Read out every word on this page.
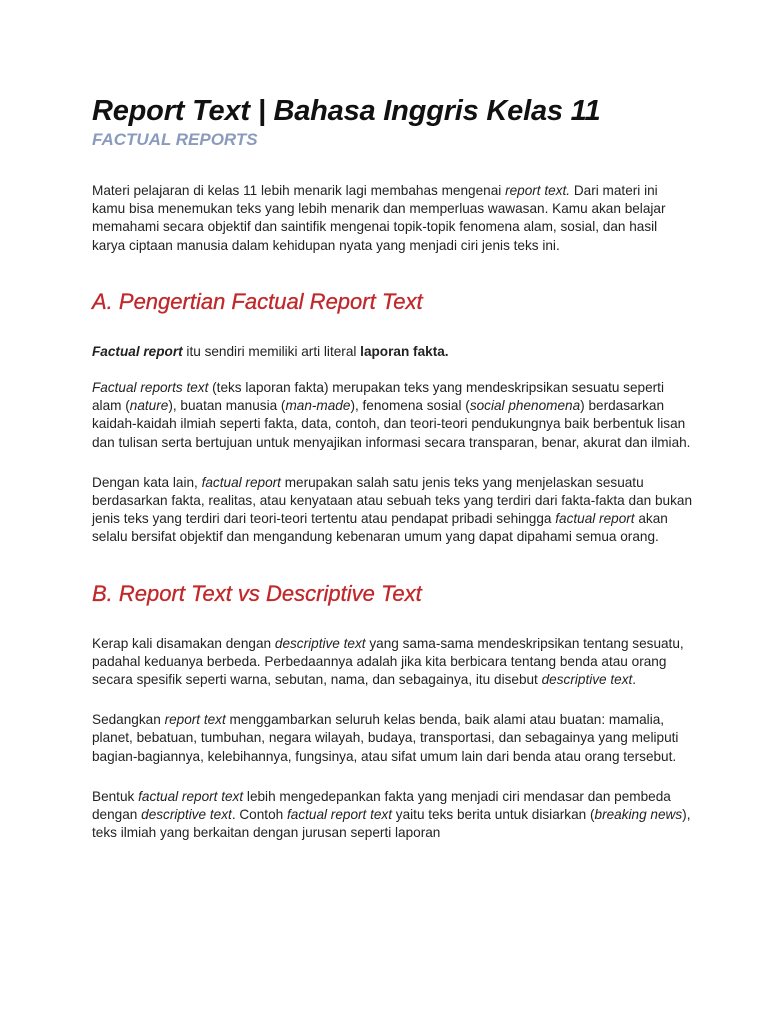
Report Text | Bahasa Inggris Kelas 11
FACTUAL REPORTS

Materi pelajaran di kelas 11 lebih menarik lagi membahas mengenai report text. Dari materi ini kamu bisa menemukan teks yang lebih menarik dan memperluas wawasan. Kamu akan belajar memahami secara objektif dan saintifik mengenai topik-topik fenomena alam, sosial, dan hasil karya ciptaan manusia dalam kehidupan nyata yang menjadi ciri jenis teks ini.

A. Pengertian Factual Report Text

Factual report itu sendiri memiliki arti literal laporan fakta.

Factual reports text (teks laporan fakta) merupakan teks yang mendeskripsikan sesuatu seperti alam (nature), buatan manusia (man-made), fenomena sosial (social phenomena) berdasarkan kaidah-kaidah ilmiah seperti fakta, data, contoh, dan teori-teori pendukungnya baik berbentuk lisan dan tulisan serta bertujuan untuk menyajikan informasi secara transparan, benar, akurat dan ilmiah.

Dengan kata lain, factual report merupakan salah satu jenis teks yang menjelaskan sesuatu berdasarkan fakta, realitas, atau kenyataan atau sebuah teks yang terdiri dari fakta-fakta dan bukan jenis teks yang terdiri dari teori-teori tertentu atau pendapat pribadi sehingga factual report akan selalu bersifat objektif dan mengandung kebenaran umum yang dapat dipahami semua orang.

B. Report Text vs Descriptive Text

Kerap kali disamakan dengan descriptive text yang sama-sama mendeskripsikan tentang sesuatu, padahal keduanya berbeda. Perbedaannya adalah jika kita berbicara tentang benda atau orang secara spesifik seperti warna, sebutan, nama, dan sebagainya, itu disebut descriptive text.

Sedangkan report text menggambarkan seluruh kelas benda, baik alami atau buatan: mamalia, planet, bebatuan, tumbuhan, negara wilayah, budaya, transportasi, dan sebagainya yang meliputi bagian-bagiannya, kelebihannya, fungsinya, atau sifat umum lain dari benda atau orang tersebut.

Bentuk factual report text lebih mengedepankan fakta yang menjadi ciri mendasar dan pembeda dengan descriptive text. Contoh factual report text yaitu teks berita untuk disiarkan (breaking news), teks ilmiah yang berkaitan dengan jurusan seperti laporan
